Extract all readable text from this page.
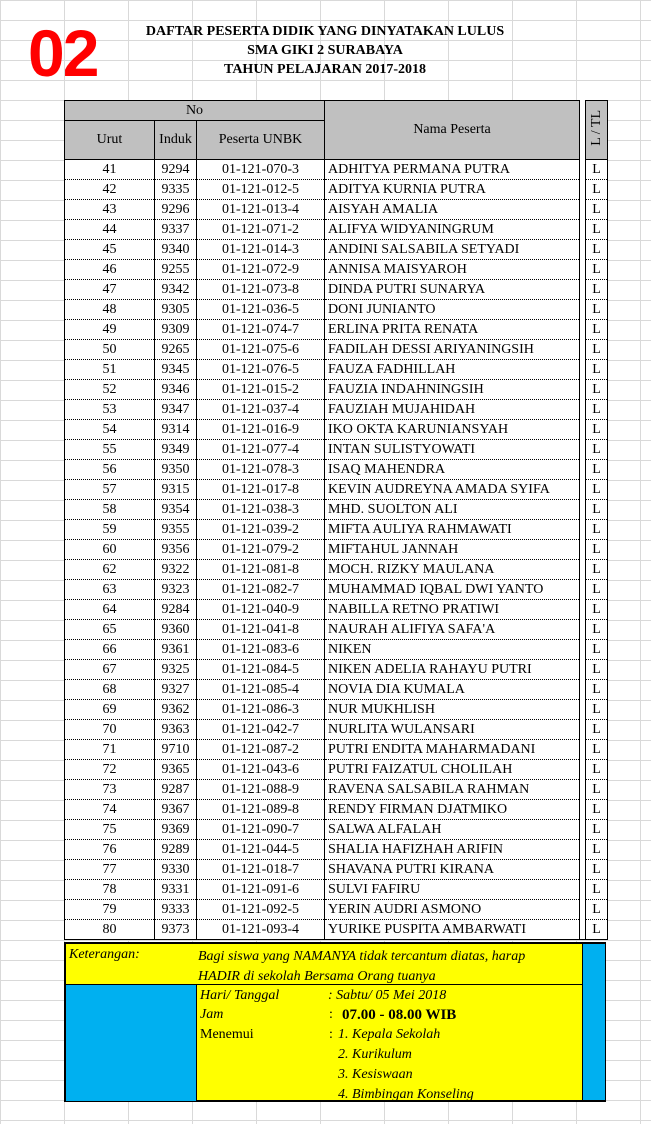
02	DAFTAR PESERTA DIDIK YANG DINYATAKAN LULUS
SMA GIKI 2 SURABAYA
TAHUN PELAJARAN 2017-2018
No			Nama Peserta		L / TL
Urut	Induk	Peserta UNBK			
41	9294	01-121-070-3	ADHITYA PERMANA PUTRA		L
42	9335	01-121-012-5	ADITYA KURNIA PUTRA		L
43	9296	01-121-013-4	AISYAH AMALIA		L
44	9337	01-121-071-2	ALIFYA WIDYANINGRUM		L
45	9340	01-121-014-3	ANDINI SALSABILA SETYADI		L
46	9255	01-121-072-9	ANNISA MAISYAROH		L
47	9342	01-121-073-8	DINDA PUTRI SUNARYA		L
48	9305	01-121-036-5	DONI JUNIANTO		L
49	9309	01-121-074-7	ERLINA PRITA RENATA		L
50	9265	01-121-075-6	FADILAH DESSI ARIYANINGSIH		L
51	9345	01-121-076-5	FAUZA FADHILLAH		L
52	9346	01-121-015-2	FAUZIA INDAHNINGSIH		L
53	9347	01-121-037-4	FAUZIAH MUJAHIDAH		L
54	9314	01-121-016-9	IKO OKTA KARUNIANSYAH		L
55	9349	01-121-077-4	INTAN SULISTYOWATI		L
56	9350	01-121-078-3	ISAQ MAHENDRA		L
57	9315	01-121-017-8	KEVIN AUDREYNA AMADA SYIFA		L
58	9354	01-121-038-3	MHD. SUOLTON ALI		L
59	9355	01-121-039-2	MIFTA AULIYA RAHMAWATI		L
60	9356	01-121-079-2	MIFTAHUL JANNAH		L
62	9322	01-121-081-8	MOCH. RIZKY MAULANA		L
63	9323	01-121-082-7	MUHAMMAD IQBAL DWI YANTO		L
64	9284	01-121-040-9	NABILLA RETNO PRATIWI		L
65	9360	01-121-041-8	NAURAH ALIFIYA SAFA'A		L
66	9361	01-121-083-6	NIKEN		L
67	9325	01-121-084-5	NIKEN ADELIA RAHAYU PUTRI		L
68	9327	01-121-085-4	NOVIA DIA KUMALA		L
69	9362	01-121-086-3	NUR MUKHLISH		L
70	9363	01-121-042-7	NURLITA WULANSARI		L
71	9710	01-121-087-2	PUTRI ENDITA MAHARMADANI		L
72	9365	01-121-043-6	PUTRI FAIZATUL CHOLILAH		L
73	9287	01-121-088-9	RAVENA SALSABILA RAHMAN		L
74	9367	01-121-089-8	RENDY FIRMAN DJATMIKO		L
75	9369	01-121-090-7	SALWA ALFALAH		L
76	9289	01-121-044-5	SHALIA HAFIZHAH ARIFIN		L
77	9330	01-121-018-7	SHAVANA PUTRI KIRANA		L
78	9331	01-121-091-6	SULVI FAFIRU		L
79	9333	01-121-092-5	YERIN AUDRI ASMONO		L
80	9373	01-121-093-4	YURIKE PUSPITA AMBARWATI		L
Keterangan:	Bagi siswa yang NAMANYA tidak tercantum diatas, harap
HADIR di sekolah Bersama Orang tuanya
Hari/ Tanggal	: Sabtu/ 05 Mei 2018
Jam	: 07.00 - 08.00 WIB
Menemui	: 1. Kepala Sekolah
2. Kurikulum
3. Kesiswaan
4. Bimbingan Konseling
